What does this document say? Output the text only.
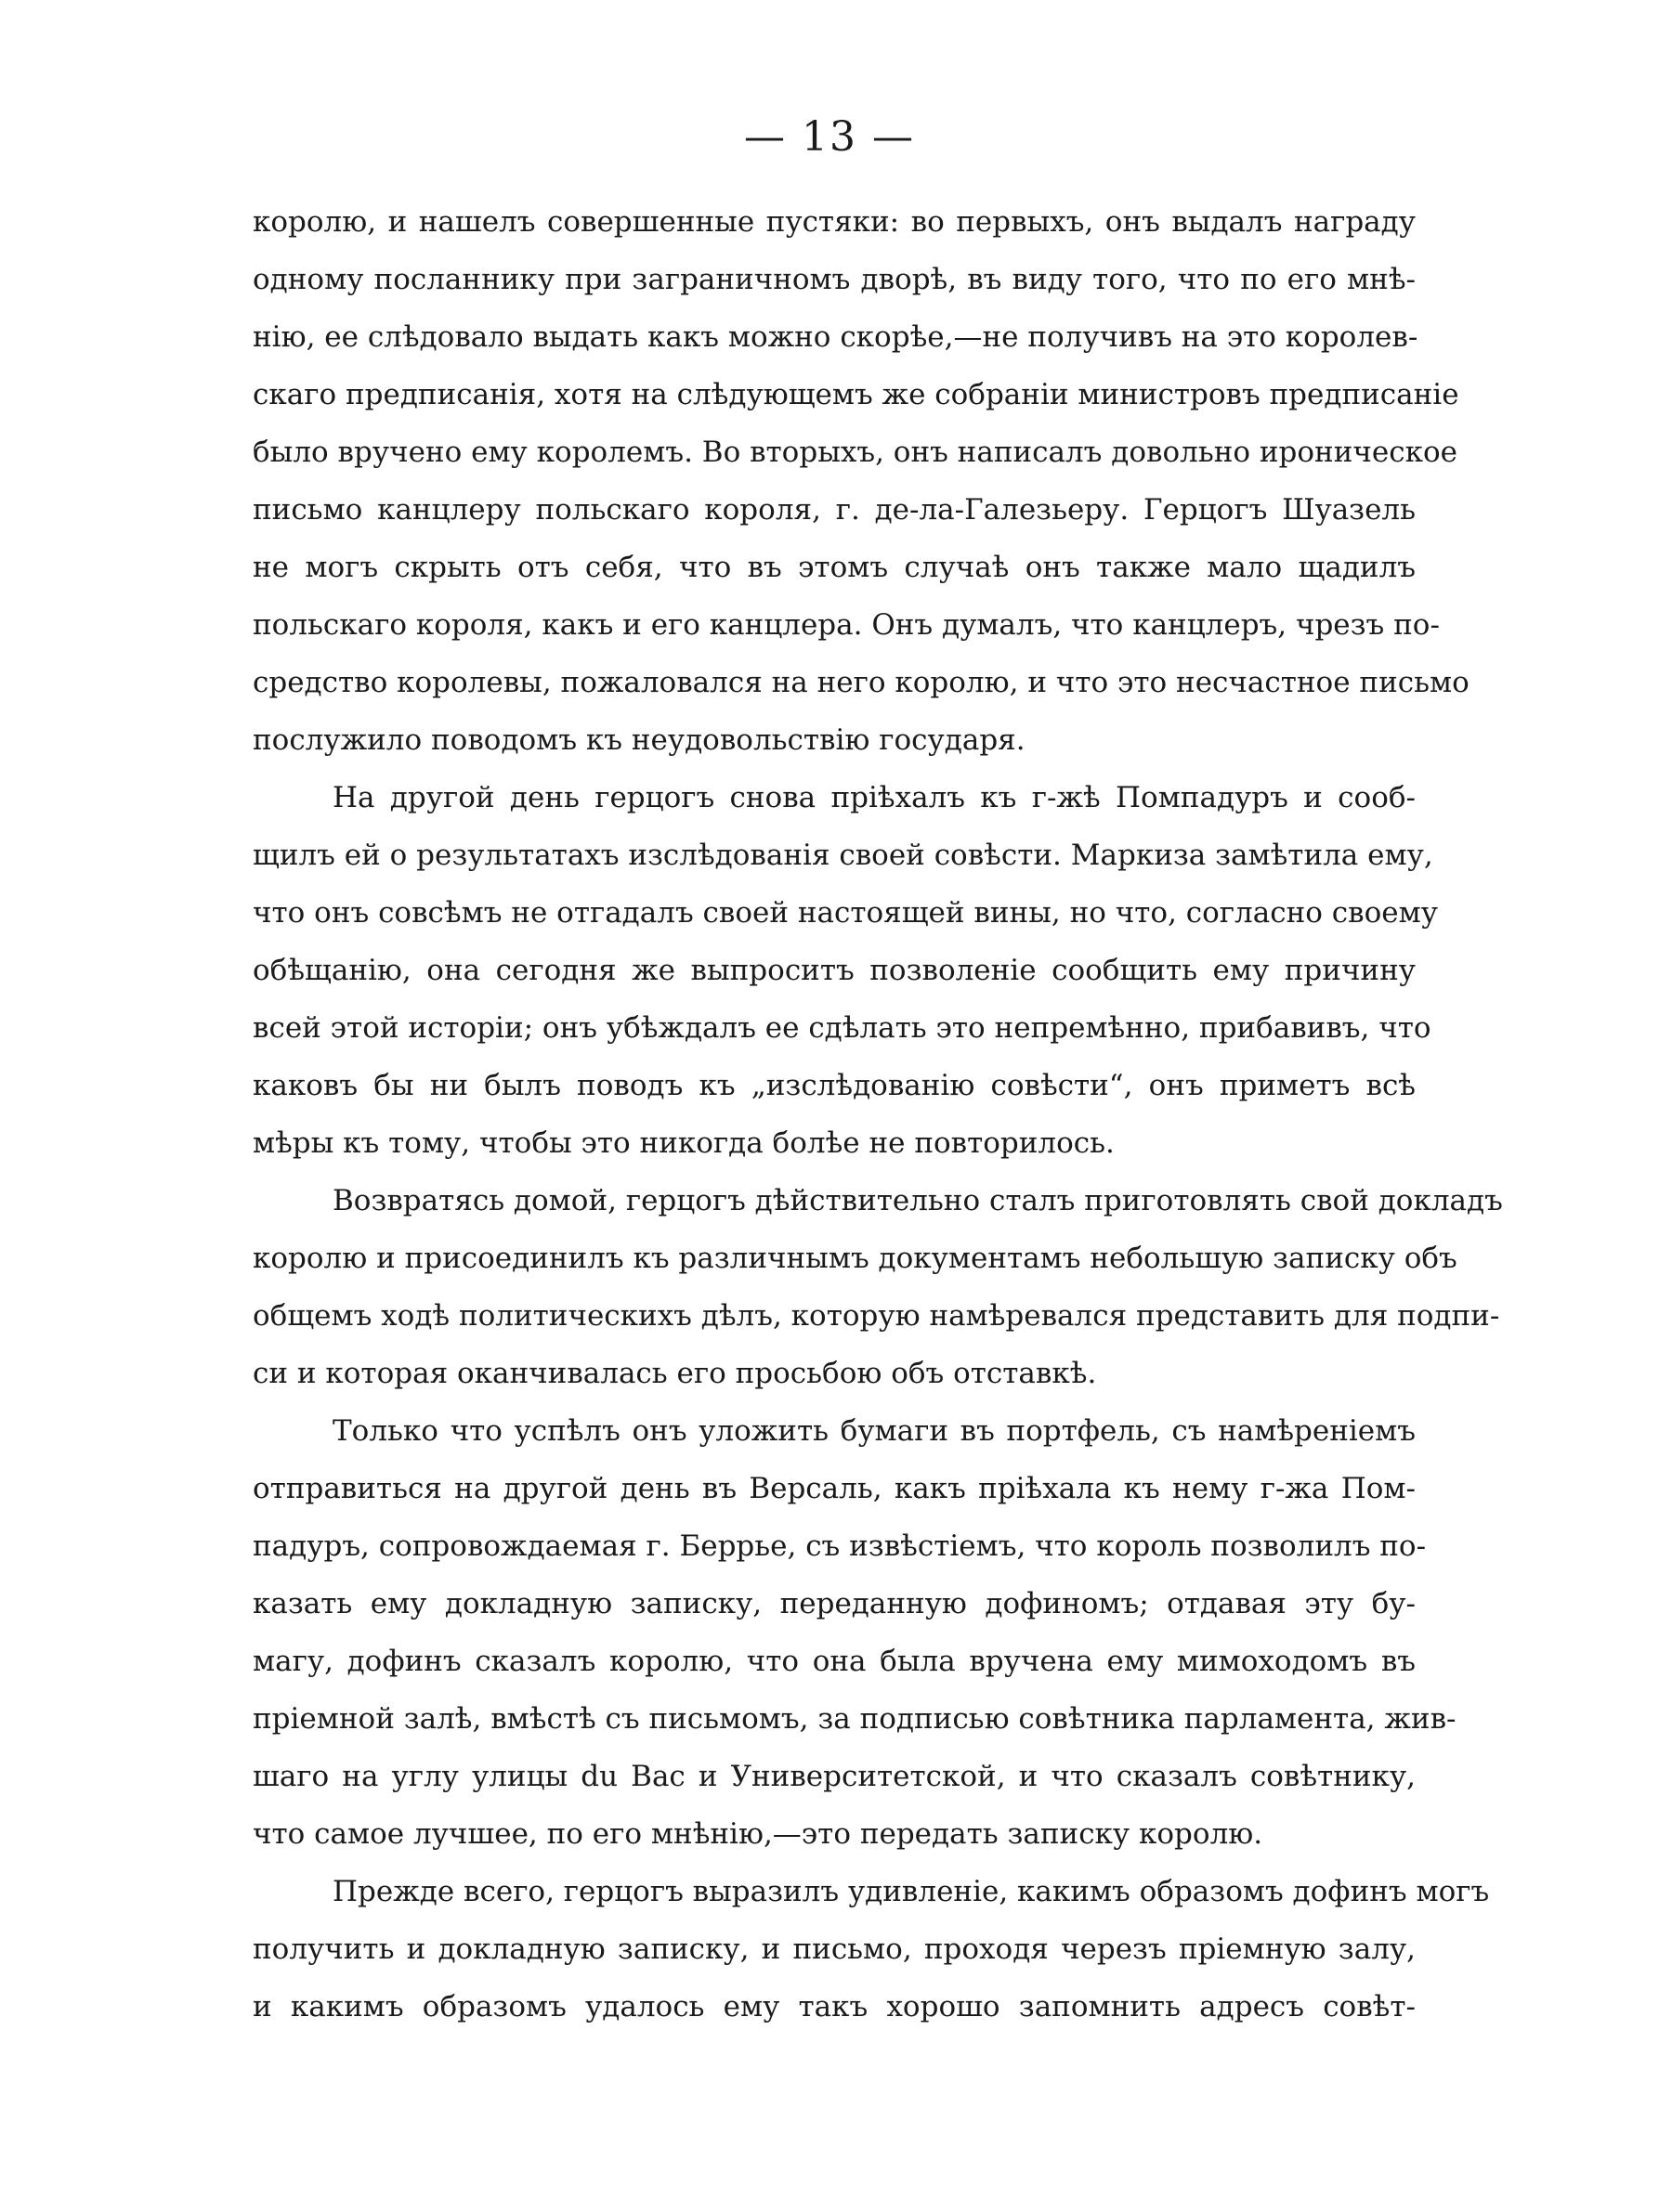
— 13 —
королю, и нашелъ совершенные пустяки: во первыхъ, онъ выдалъ награду
одному посланнику при заграничномъ дворѣ, въ виду того, что по его мнѣ-
нію, ее слѣдовало выдать какъ можно скорѣе,—не получивъ на это королев-
скаго предписанія, хотя на слѣдующемъ же собраніи министровъ предписаніе
было вручено ему королемъ. Во вторыхъ, онъ написалъ довольно ироническое
письмо канцлеру польскаго короля, г. де-ла-Галезьеру. Герцогъ Шуазель
не могъ скрыть отъ себя, что въ этомъ случаѣ онъ также мало щадилъ
польскаго короля, какъ и его канцлера. Онъ думалъ, что канцлеръ, чрезъ по-
средство королевы, пожаловался на него королю, и что это несчастное письмо
послужило поводомъ къ неудовольствію государя.
На другой день герцогъ снова пріѣхалъ къ г-жѣ Помпадуръ и сооб-
щилъ ей о результатахъ изслѣдованія своей совѣсти. Маркиза замѣтила ему,
что онъ совсѣмъ не отгадалъ своей настоящей вины, но что, согласно своему
обѣщанію, она сегодня же выпроситъ позволеніе сообщить ему причину
всей этой исторіи; онъ убѣждалъ ее сдѣлать это непремѣнно, прибавивъ, что
каковъ бы ни былъ поводъ къ „изслѣдованію совѣсти“, онъ приметъ всѣ
мѣры къ тому, чтобы это никогда болѣе не повторилось.
Возвратясь домой, герцогъ дѣйствительно сталъ приготовлять свой докладъ
королю и присоединилъ къ различнымъ документамъ небольшую записку объ
общемъ ходѣ политическихъ дѣлъ, которую намѣревался представить для подпи-
си и которая оканчивалась его просьбою объ отставкѣ.
Только что успѣлъ онъ уложить бумаги въ портфель, съ намѣреніемъ
отправиться на другой день въ Версаль, какъ пріѣхала къ нему г-жа Пом-
падуръ, сопровождаемая г. Беррье, съ извѣстіемъ, что король позволилъ по-
казать ему докладную записку, переданную дофиномъ; отдавая эту бу-
магу, дофинъ сказалъ королю, что она была вручена ему мимоходомъ въ
пріемной залѣ, вмѣстѣ съ письмомъ, за подписью совѣтника парламента, жив-
шаго на углу улицы du Bac и Университетской, и что сказалъ совѣтнику,
что самое лучшее, по его мнѣнію,—это передать записку королю.
Прежде всего, герцогъ выразилъ удивленіе, какимъ образомъ дофинъ могъ
получить и докладную записку, и письмо, проходя черезъ пріемную залу,
и какимъ образомъ удалось ему такъ хорошо запомнить адресъ совѣт-
